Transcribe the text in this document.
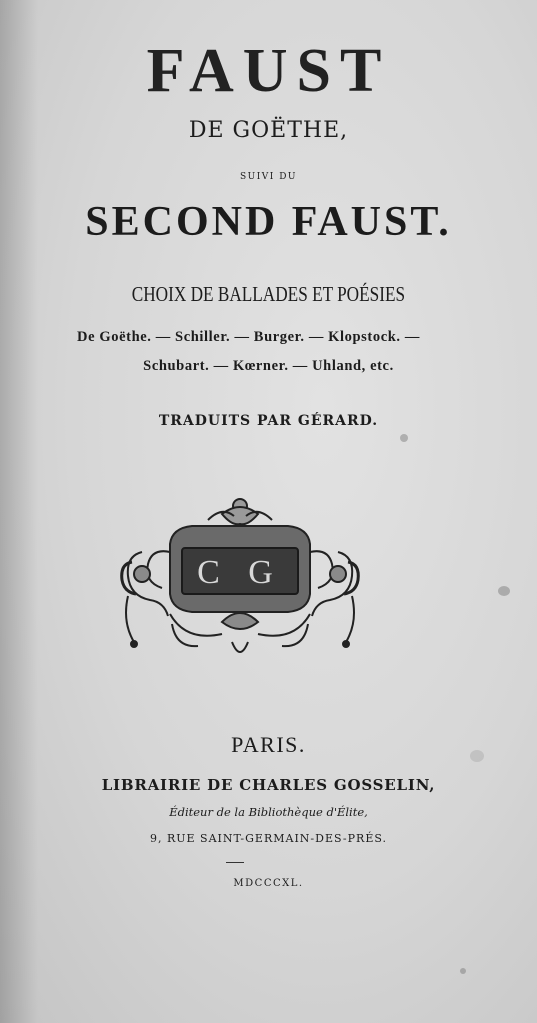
FAUST
DE GOËTHE,
SUIVI DU
SECOND FAUST.
CHOIX DE BALLADES ET POÉSIES
De Goëthe. — Schiller. — Burger. — Klopstock. —
Schubart. — Kœrner. — Uhland, etc.
TRADUITS PAR GÉRARD.
C G
PARIS.
LIBRAIRIE DE CHARLES GOSSELIN,
Éditeur de la Bibliothèque d'Élite,
9, RUE SAINT-GERMAIN-DES-PRÉS.
MDCCCXL.
